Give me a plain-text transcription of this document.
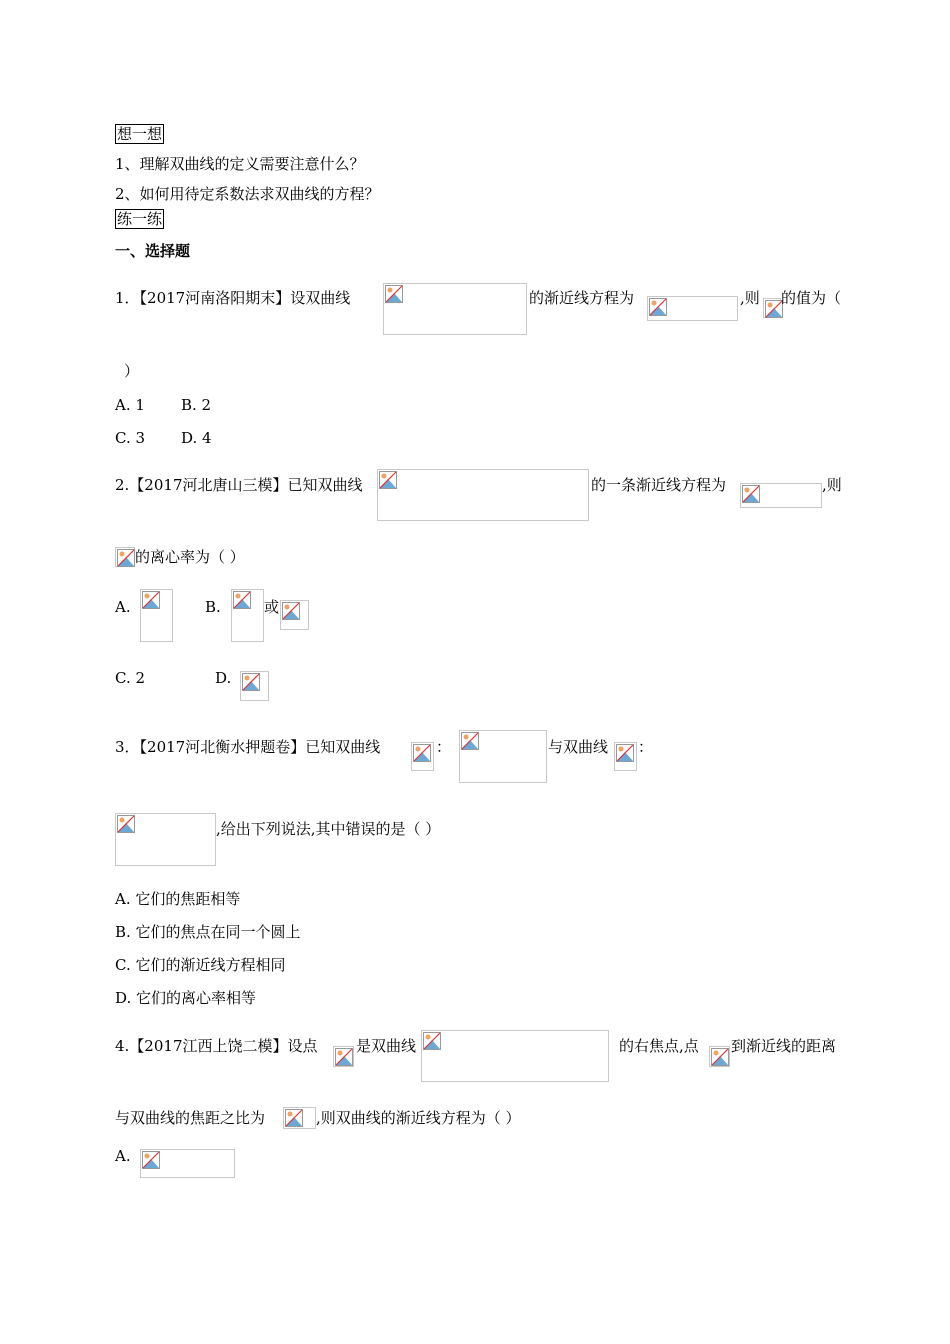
想一想
1、理解双曲线的定义需要注意什么？
2、如何用待定系数法求双曲线的方程？
练一练
一、选择题
1．【2017河南洛阳期末】设双曲线	的渐近线方程为	,则 的值为（
）
A. 1 B. 2
C. 3 D. 4
2.【2017河北唐山三模】已知双曲线	的一条渐近线方程为	,则
的离心率为（ ）
A.	B.	或
C. 2	D.
3．【2017河北衡水押题卷】已知双曲线	：	与双曲线 ：
,给出下列说法,其中错误的是（ ）
A. 它们的焦距相等
B. 它们的焦点在同一个圆上
C. 它们的渐近线方程相同
D. 它们的离心率相等
4.【2017江西上饶二模】设点	是双曲线	的右焦点,点 到渐近线的距离
与双曲线的焦距之比为	,则双曲线的渐近线方程为（ ）
A.
